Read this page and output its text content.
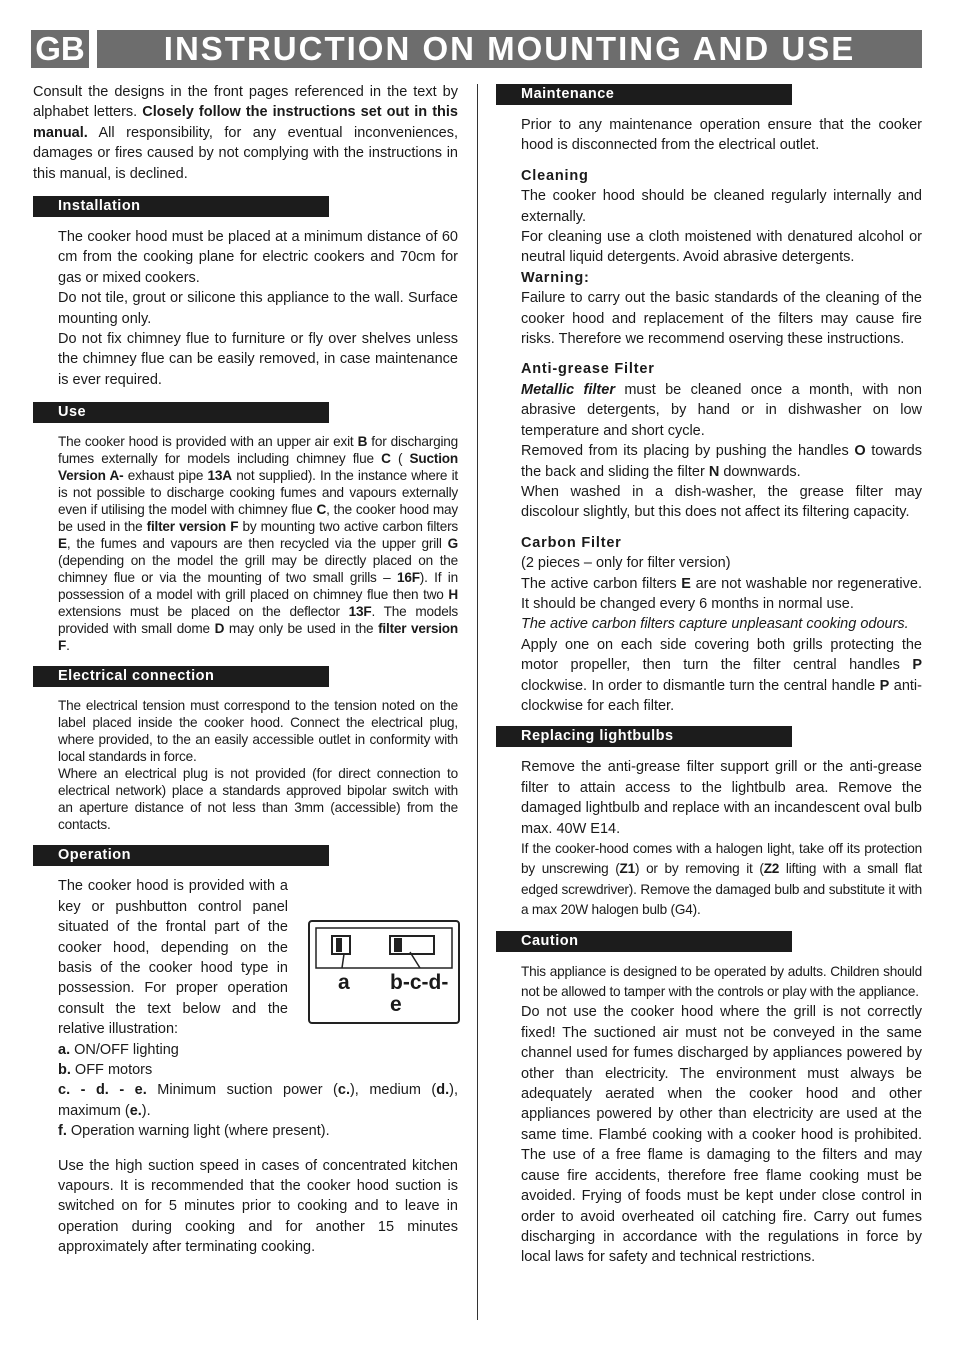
GB	INSTRUCTION ON MOUNTING AND USE

Consult the designs in the front pages referenced in the text by alphabet letters. Closely follow the instructions set out in this manual. All responsibility, for any eventual inconveniences, damages or fires caused by not complying with the instructions in this manual, is declined.

Installation

The cooker hood must be placed at a minimum distance of 60 cm from the cooking plane for electric cookers and 70cm for gas or mixed cookers.

Do not tile, grout or silicone this appliance to the wall. Surface mounting only.

Do not fix chimney flue to furniture or fly over shelves unless the chimney flue can be easily removed, in case maintenance is ever required.

Use

The cooker hood is provided with an upper air exit B for discharging fumes externally for models including chimney flue C ( Suction Version A- exhaust pipe 13A not supplied). In the instance where it is not possible to discharge cooking fumes and vapours externally even if utilising the model with chimney flue C, the cooker hood may be used in the filter version F by mounting two active carbon filters E, the fumes and vapours are then recycled via the upper grill G (depending on the model the grill may be directly placed on the chimney flue or via the mounting of two small grills – 16F). If in possession of a model with grill placed on chimney flue then two H extensions must be placed on the deflector 13F. The models provided with small dome D may only be used in the filter version F.

Electrical connection

The electrical tension must correspond to the tension noted on the label placed inside the cooker hood. Connect the electrical plug, where provided, to the an easily accessible outlet in conformity with local standards in force.

Where an electrical plug is not provided (for direct connection to electrical network) place a standards approved bipolar switch with an aperture distance of not less than 3mm (accessible) from the contacts.

Operation

The cooker hood is provided with a key or pushbutton control panel situated of the frontal part of the cooker hood, depending on the basis of the cooker hood type in possession. For proper operation consult the text below and the relative illustration:

a b-c-d-e

a. ON/OFF lighting

b. OFF motors

c. - d. - e. Minimum suction power (c.), medium (d.), maximum (e.).

f. Operation warning light (where present).

Use the high suction speed in cases of concentrated kitchen vapours. It is recommended that the cooker hood suction is switched on for 5 minutes prior to cooking and to leave in operation during cooking and for another 15 minutes approximately after terminating cooking.

Maintenance

Prior to any maintenance operation ensure that the cooker hood is disconnected from the electrical outlet.

Cleaning

The cooker hood should be cleaned regularly internally and externally.

For cleaning use a cloth moistened with denatured alcohol or neutral liquid detergents. Avoid abrasive detergents.

Warning:

Failure to carry out the basic standards of the cleaning of the cooker hood and replacement of the filters may cause fire risks. Therefore we recommend oserving these instructions.

Anti-grease Filter

Metallic filter must be cleaned once a month, with non abrasive detergents, by hand or in dishwasher on low temperature and short cycle.

Removed from its placing by pushing the handles O towards the back and sliding the filter N downwards.

When washed in a dish-washer, the grease filter may discolour slightly, but this does not affect its filtering capacity.

Carbon Filter

(2 pieces – only for filter version)

The active carbon filters E are not washable nor regenerative. It should be changed every 6 months in normal use.

The active carbon filters capture unpleasant cooking odours.

Apply one on each side covering both grills protecting the motor propeller, then turn the filter central handles P clockwise. In order to dismantle turn the central handle P anti-clockwise for each filter.

Replacing lightbulbs

Remove the anti-grease filter support grill or the anti-grease filter to attain access to the lightbulb area. Remove the damaged lightbulb and replace with an incandescent oval bulb max. 40W E14.

If the cooker-hood comes with a halogen light, take off its protection by unscrewing (Z1) or by removing it (Z2 lifting with a small flat edged screwdriver). Remove the damaged bulb and substitute it with a max 20W halogen bulb (G4).

Caution

This appliance is designed to be operated by adults. Children should not be allowed to tamper with the controls or play with the appliance.

Do not use the cooker hood where the grill is not correctly fixed! The suctioned air must not be conveyed in the same channel used for fumes discharged by appliances powered by other than electricity. The environment must always be adequately aerated when the cooker hood and other appliances powered by other than electricity are used at the same time. Flambé cooking with a cooker hood is prohibited. The use of a free flame is damaging to the filters and may cause fire accidents, therefore free flame cooking must be avoided. Frying of foods must be kept under close control in order to avoid overheated oil catching fire. Carry out fumes discharging in accordance with the regulations in force by local laws for safety and technical restrictions.
